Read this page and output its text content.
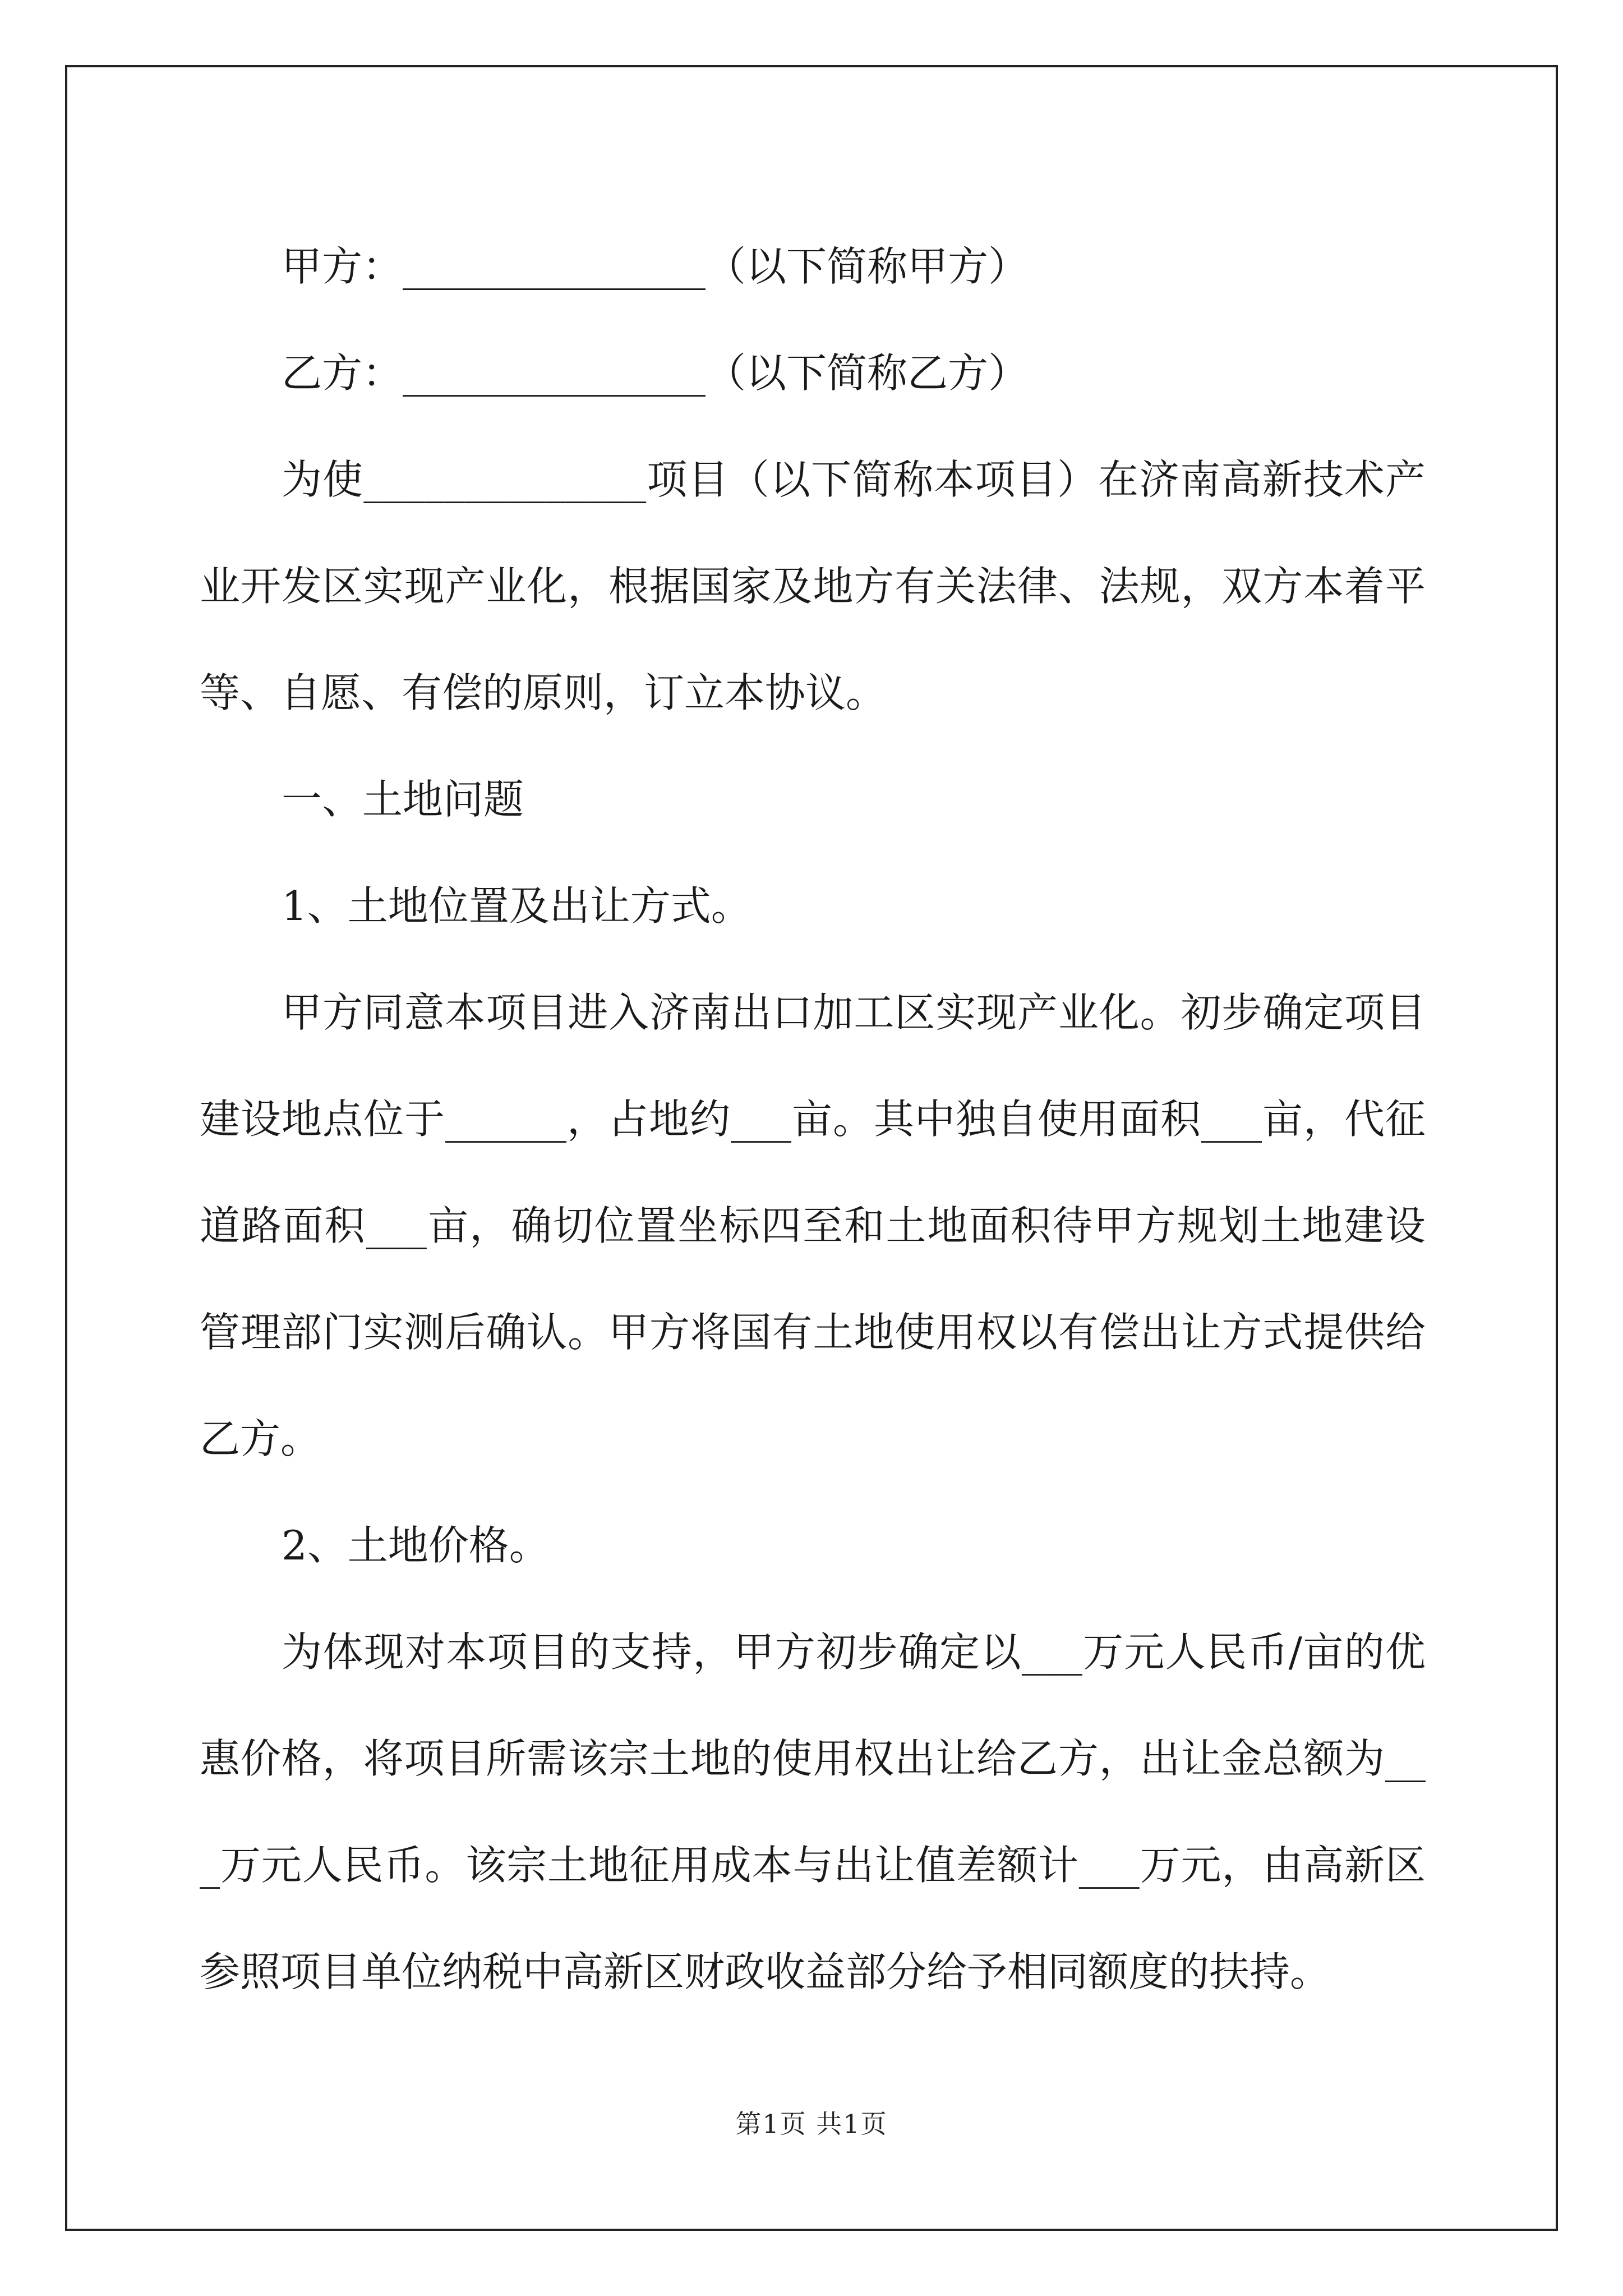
甲方：_______________（以下简称甲方）

乙方：_______________（以下简称乙方）

为使______________项目（以下简称本项目）在济南高新技术产业开发区实现产业化，根据国家及地方有关法律、法规，双方本着平等、自愿、有偿的原则，订立本协议。

一、土地问题

1、土地位置及出让方式。

甲方同意本项目进入济南出口加工区实现产业化。初步确定项目建设地点位于______，占地约___亩。其中独自使用面积___亩，代征道路面积___亩，确切位置坐标四至和土地面积待甲方规划土地建设管理部门实测后确认。甲方将国有土地使用权以有偿出让方式提供给乙方。

2、土地价格。

为体现对本项目的支持，甲方初步确定以___万元人民币/亩的优惠价格，将项目所需该宗土地的使用权出让给乙方，出让金总额为___万元人民币。该宗土地征用成本与出让值差额计___万元，由高新区参照项目单位纳税中高新区财政收益部分给予相同额度的扶持。

第1页 共1页
